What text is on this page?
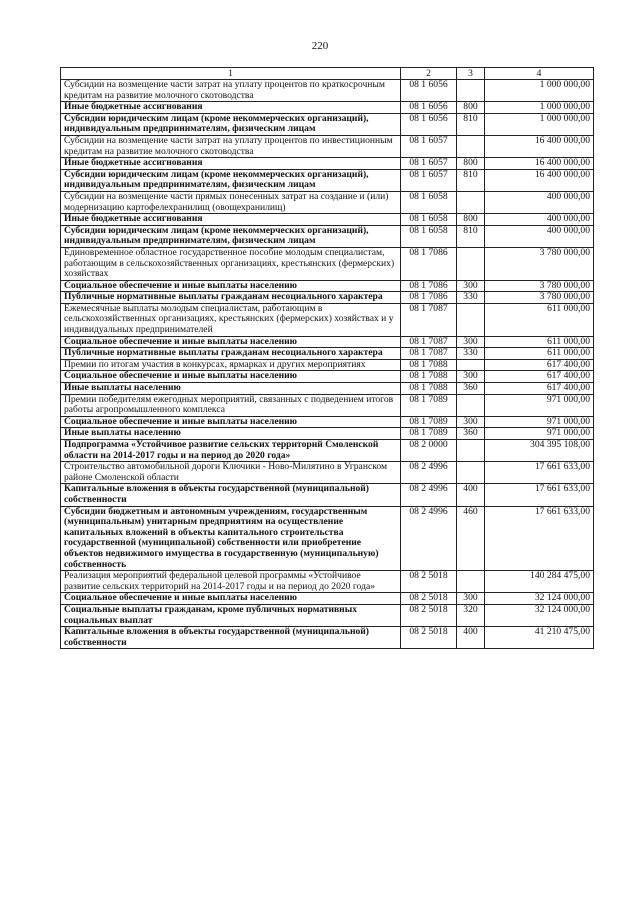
220
1	2	3	4
Субсидии на возмещение части затрат на уплату процентов по краткосрочным кредитам на развитие молочного скотоводства	08 1 6056		1 000 000,00
Иные бюджетные ассигнования	08 1 6056	800	1 000 000,00
Субсидии юридическим лицам (кроме некоммерческих организаций), индивидуальным предпринимателям, физическим лицам	08 1 6056	810	1 000 000,00
Субсидии на возмещение части затрат на уплату процентов по инвестиционным кредитам на развитие молочного скотоводства	08 1 6057		16 400 000,00
Иные бюджетные ассигнования	08 1 6057	800	16 400 000,00
Субсидии юридическим лицам (кроме некоммерческих организаций), индивидуальным предпринимателям, физическим лицам	08 1 6057	810	16 400 000,00
Субсидии на возмещение части прямых понесенных затрат на создание и (или) модернизацию картофелехранилищ (овощехранилищ)	08 1 6058		400 000,00
Иные бюджетные ассигнования	08 1 6058	800	400 000,00
Субсидии юридическим лицам (кроме некоммерческих организаций), индивидуальным предпринимателям, физическим лицам	08 1 6058	810	400 000,00
Единовременное областное государственное пособие молодым специалистам, работающим в сельскохозяйственных организациях, крестьянских (фермерских) хозяйствах	08 1 7086		3 780 000,00
Социальное обеспечение и иные выплаты населению	08 1 7086	300	3 780 000,00
Публичные нормативные выплаты гражданам несоциального характера	08 1 7086	330	3 780 000,00
Ежемесячные выплаты молодым специалистам, работающим в сельскохозяйственных организациях, крестьянских (фермерских) хозяйствах и у индивидуальных предпринимателей	08 1 7087		611 000,00
Социальное обеспечение и иные выплаты населению	08 1 7087	300	611 000,00
Публичные нормативные выплаты гражданам несоциального характера	08 1 7087	330	611 000,00
Премии по итогам участия в конкурсах, ярмарках и других мероприятиях	08 1 7088		617 400,00
Социальное обеспечение и иные выплаты населению	08 1 7088	300	617 400,00
Иные выплаты населению	08 1 7088	360	617 400,00
Премии победителям ежегодных мероприятий, связанных с подведением итогов работы агропромышленного комплекса	08 1 7089		971 000,00
Социальное обеспечение и иные выплаты населению	08 1 7089	300	971 000,00
Иные выплаты населению	08 1 7089	360	971 000,00
Подпрограмма «Устойчивое развитие сельских территорий Смоленской области на 2014-2017 годы и на период до 2020 года»	08 2 0000		304 395 108,00
Строительство автомобильной дороги Ключики - Ново-Милятино в Угранском районе Смоленской области	08 2 4996		17 661 633,00
Капитальные вложения в объекты государственной (муниципальной) собственности	08 2 4996	400	17 661 633,00
Субсидии бюджетным и автономным учреждениям, государственным (муниципальным) унитарным предприятиям на осуществление капитальных вложений в объекты капитального строительства государственной (муниципальной) собственности или приобретение объектов недвижимого имущества в государственную (муниципальную) собственность	08 2 4996	460	17 661 633,00
Реализация мероприятий федеральной целевой программы «Устойчивое развитие сельских территорий на 2014-2017 годы и на период до 2020 года»	08 2 5018		140 284 475,00
Социальное обеспечение и иные выплаты населению	08 2 5018	300	32 124 000,00
Социальные выплаты гражданам, кроме публичных нормативных социальных выплат	08 2 5018	320	32 124 000,00
Капитальные вложения в объекты государственной (муниципальной) собственности	08 2 5018	400	41 210 475,00
